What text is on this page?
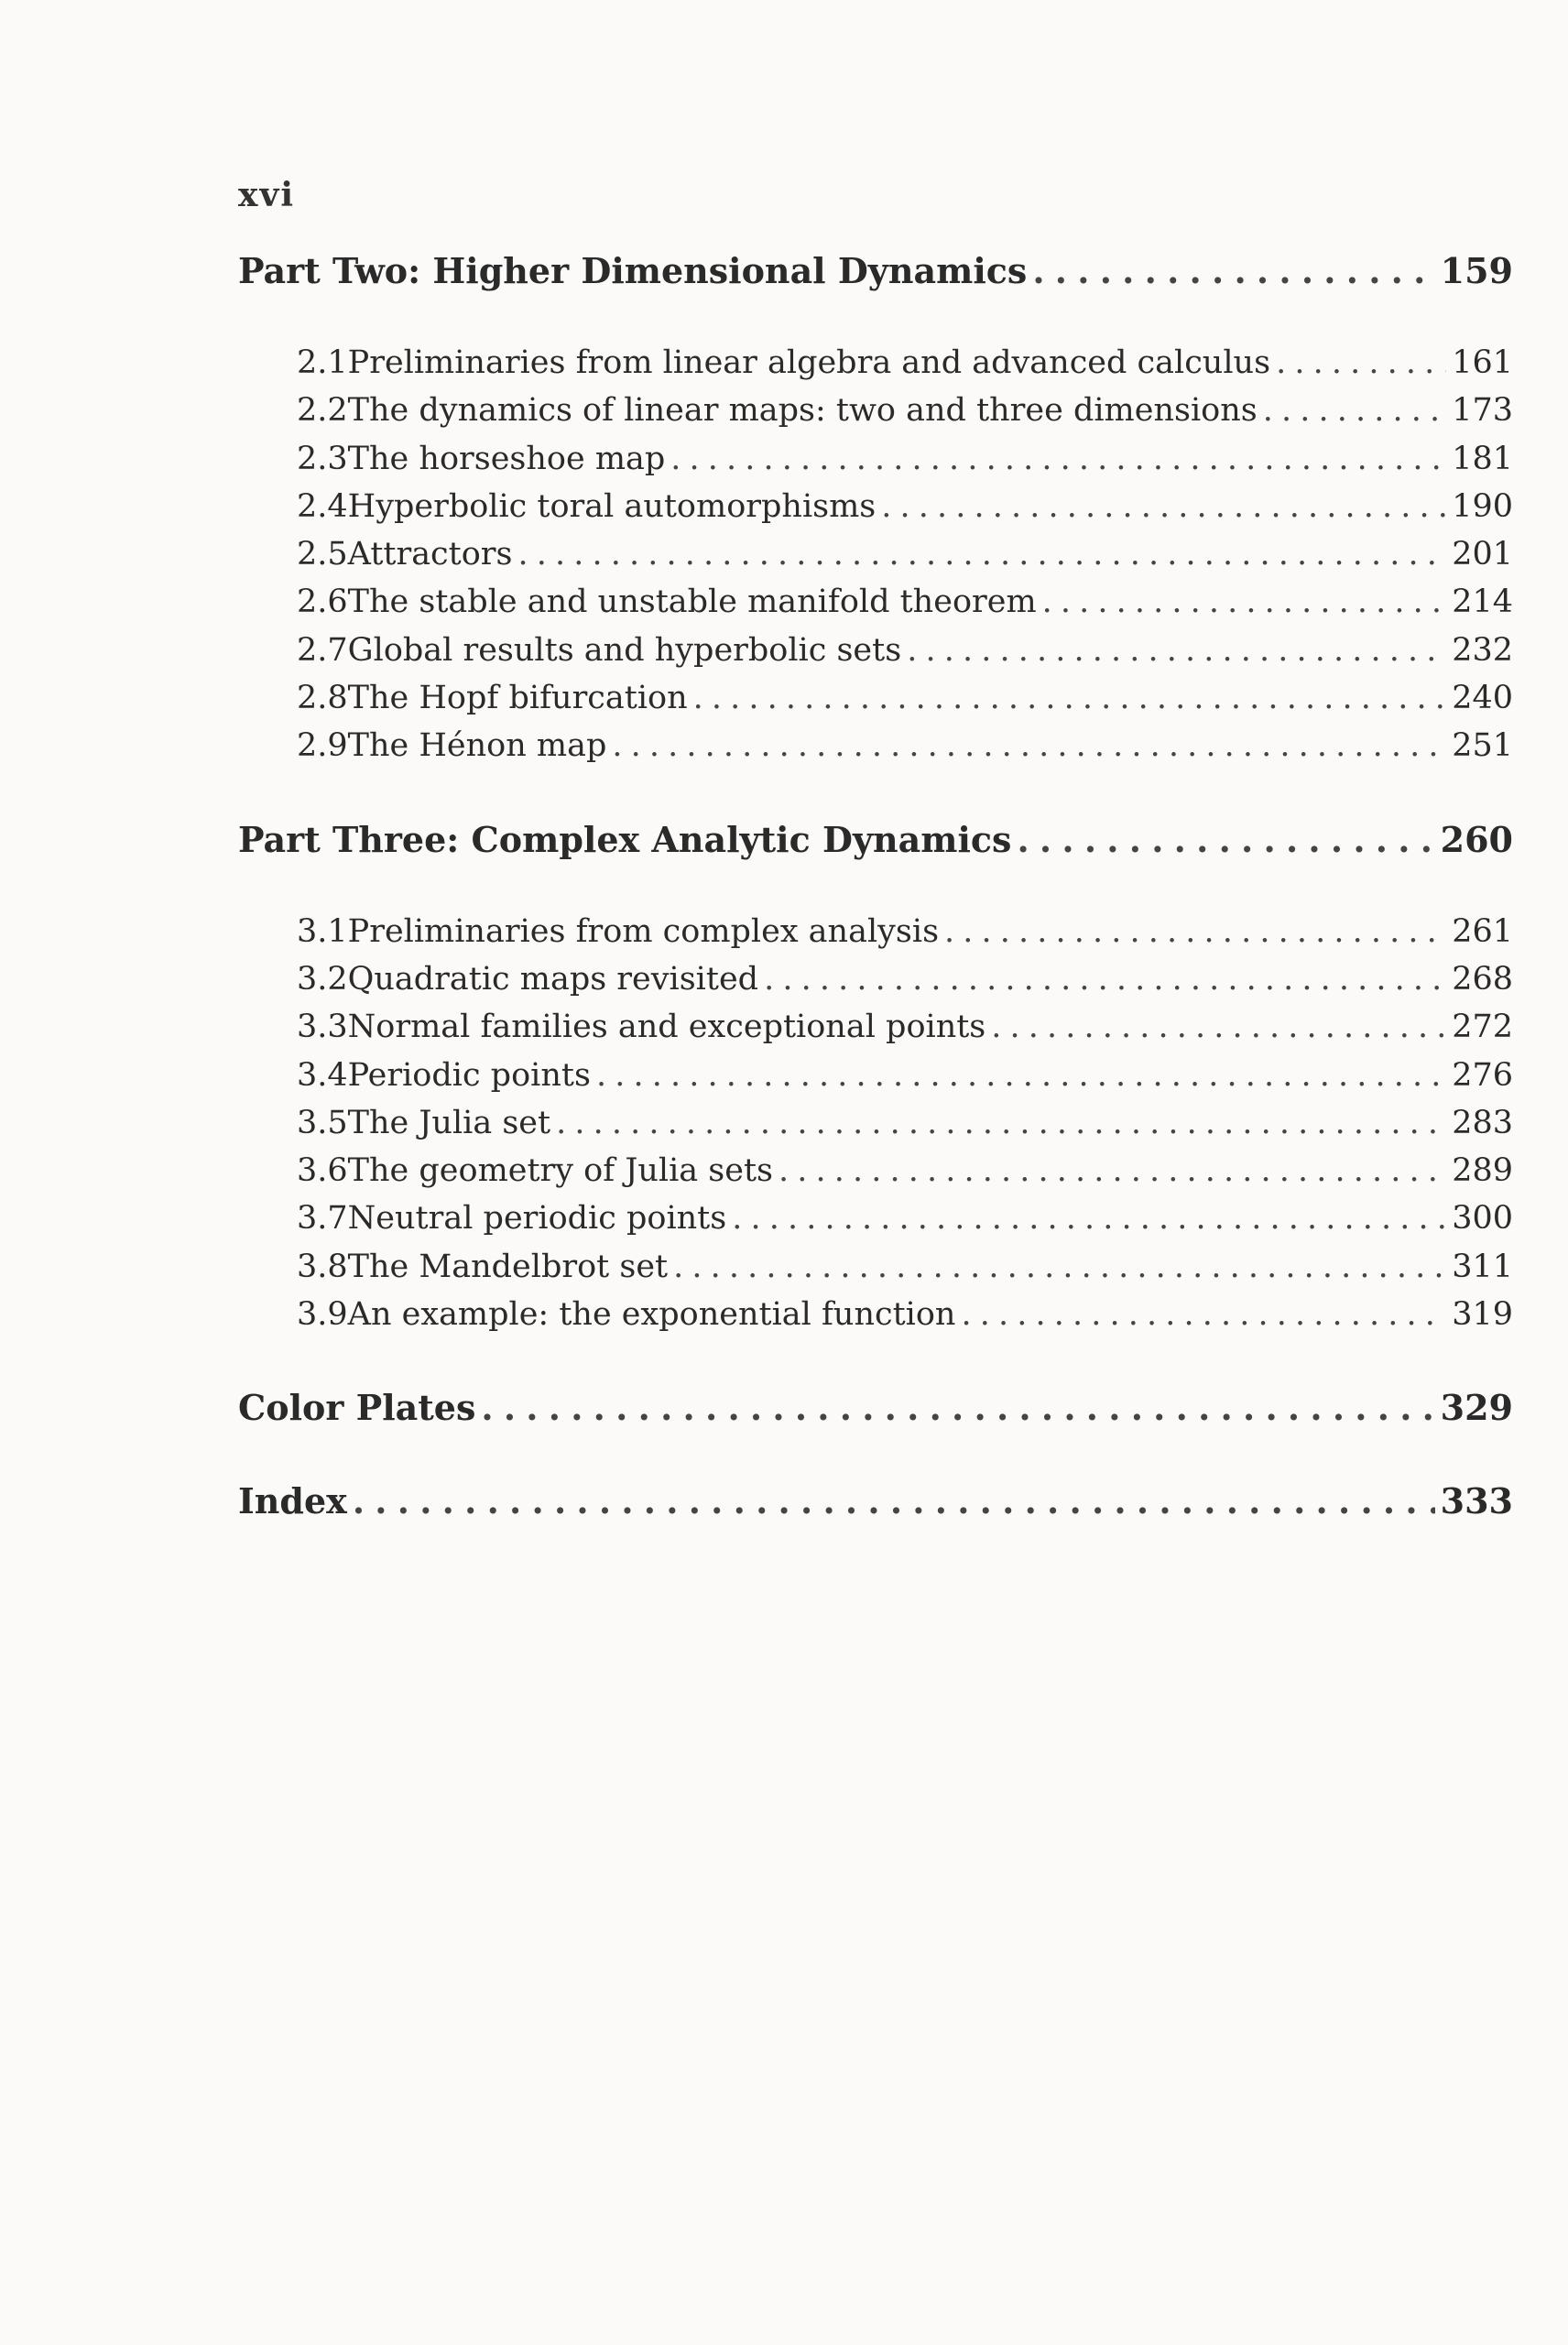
xvi
Part Two: Higher Dimensional Dynamics . . .	159
2.1 Preliminaries from linear algebra and advanced calculus . . .	161
2.2 The dynamics of linear maps: two and three dimensions . . .	173
2.3 The horseshoe map . . .	181
2.4 Hyperbolic toral automorphisms . . .	190
2.5 Attractors . . .	201
2.6 The stable and unstable manifold theorem . . .	214
2.7 Global results and hyperbolic sets . . .	232
2.8 The Hopf bifurcation . . .	240
2.9 The Hénon map . . .	251
Part Three: Complex Analytic Dynamics . . .	260
3.1 Preliminaries from complex analysis . . .	261
3.2 Quadratic maps revisited . . .	268
3.3 Normal families and exceptional points . . .	272
3.4 Periodic points . . .	276
3.5 The Julia set . . .	283
3.6 The geometry of Julia sets . . .	289
3.7 Neutral periodic points . . .	300
3.8 The Mandelbrot set . . .	311
3.9 An example: the exponential function . . .	319
Color Plates . . .	329
Index . . .	333
